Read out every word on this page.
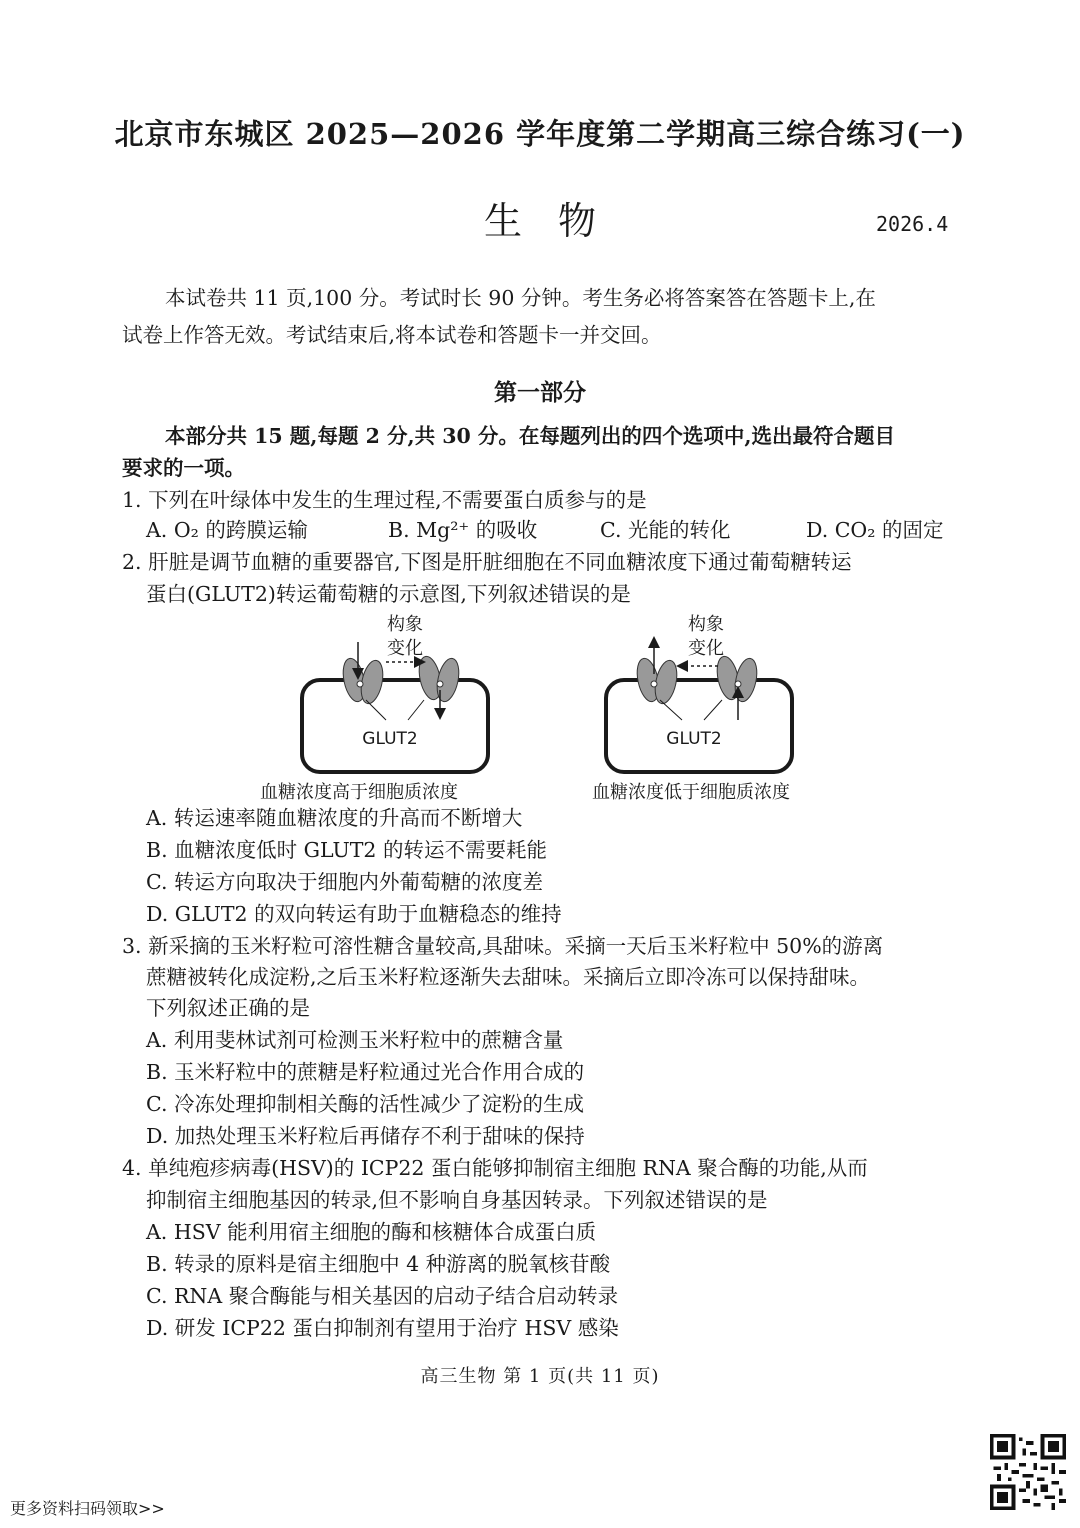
北京市东城区 2025—2026 学年度第二学期高三综合练习(一)
生物	2026.4
本试卷共 11 页,100 分。考试时长 90 分钟。考生务必将答案答在答题卡上,在
试卷上作答无效。考试结束后,将本试卷和答题卡一并交回。
第一部分
本部分共 15 题,每题 2 分,共 30 分。在每题列出的四个选项中,选出最符合题目
要求的一项。
1. 下列在叶绿体中发生的生理过程,不需要蛋白质参与的是
A. O₂ 的跨膜运输	B. Mg²⁺ 的吸收	C. 光能的转化	D. CO₂ 的固定
2. 肝脏是调节血糖的重要器官,下图是肝脏细胞在不同血糖浓度下通过葡萄糖转运
蛋白(GLUT2)转运葡萄糖的示意图,下列叙述错误的是
构象
变化
GLUT2
构象
变化
GLUT2
血糖浓度高于细胞质浓度	血糖浓度低于细胞质浓度
A. 转运速率随血糖浓度的升高而不断增大
B. 血糖浓度低时 GLUT2 的转运不需要耗能
C. 转运方向取决于细胞内外葡萄糖的浓度差
D. GLUT2 的双向转运有助于血糖稳态的维持
3. 新采摘的玉米籽粒可溶性糖含量较高,具甜味。采摘一天后玉米籽粒中 50%的游离
蔗糖被转化成淀粉,之后玉米籽粒逐渐失去甜味。采摘后立即冷冻可以保持甜味。
下列叙述正确的是
A. 利用斐林试剂可检测玉米籽粒中的蔗糖含量
B. 玉米籽粒中的蔗糖是籽粒通过光合作用合成的
C. 冷冻处理抑制相关酶的活性减少了淀粉的生成
D. 加热处理玉米籽粒后再储存不利于甜味的保持
4. 单纯疱疹病毒(HSV)的 ICP22 蛋白能够抑制宿主细胞 RNA 聚合酶的功能,从而
抑制宿主细胞基因的转录,但不影响自身基因转录。下列叙述错误的是
A. HSV 能利用宿主细胞的酶和核糖体合成蛋白质
B. 转录的原料是宿主细胞中 4 种游离的脱氧核苷酸
C. RNA 聚合酶能与相关基因的启动子结合启动转录
D. 研发 ICP22 蛋白抑制剂有望用于治疗 HSV 感染
高三生物 第 1 页(共 11 页)
更多资料扫码领取>>
